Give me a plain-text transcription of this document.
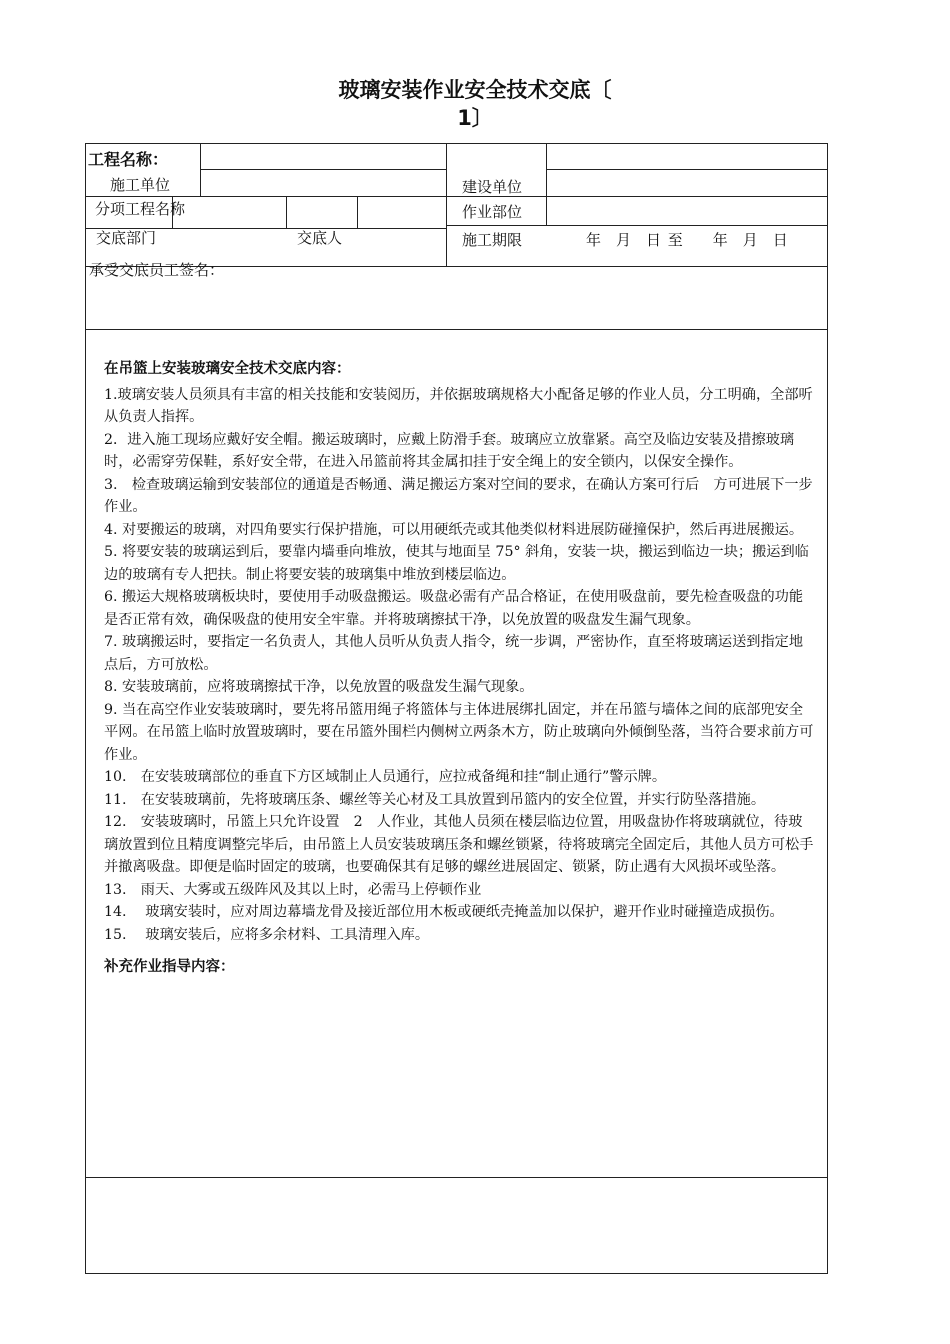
玻璃安装作业安全技术交底〔
1〕
工程名称：
施工单位	建设单位
分项工程名称	作业部位
交底部门	交底人	施工期限	年　月　日 至　　年　月　日
承受交底员工签名：

在吊篮上安装玻璃安全技术交底内容：

1.玻璃安装人员须具有丰富的相关技能和安装阅历，并依据玻璃规格大小配备足够的作业人员，分工明确，全部听从负责人指挥。

2．进入施工现场应戴好安全帽。搬运玻璃时，应戴上防滑手套。玻璃应立放靠紧。高空及临边安装及措擦玻璃时，必需穿劳保鞋，系好安全带，在进入吊篮前将其金属扣挂于安全绳上的安全锁内，以保安全操作。

3.　检查玻璃运输到安装部位的通道是否畅通、满足搬运方案对空间的要求，在确认方案可行后　方可进展下一步作业。

4. 对要搬运的玻璃，对四角要实行保护措施，可以用硬纸壳或其他类似材料进展防碰撞保护，然后再进展搬运。

5. 将要安装的玻璃运到后，要靠内墙垂向堆放，使其与地面呈 75° 斜角，安装一块，搬运到临边一块；搬运到临边的玻璃有专人把扶。制止将要安装的玻璃集中堆放到楼层临边。

6. 搬运大规格玻璃板块时，要使用手动吸盘搬运。吸盘必需有产品合格证，在使用吸盘前，要先检查吸盘的功能是否正常有效，确保吸盘的使用安全牢靠。并将玻璃擦拭干净，以免放置的吸盘发生漏气现象。

7. 玻璃搬运时，要指定一名负责人，其他人员听从负责人指令，统一步调，严密协作，直至将玻璃运送到指定地点后，方可放松。

8. 安装玻璃前，应将玻璃擦拭干净，以免放置的吸盘发生漏气现象。

9. 当在高空作业安装玻璃时，要先将吊篮用绳子将篮体与主体进展绑扎固定，并在吊篮与墙体之间的底部兜安全平网。在吊篮上临时放置玻璃时，要在吊篮外围栏内侧树立两条木方，防止玻璃向外倾倒坠落，当符合要求前方可作业。

10.　在安装玻璃部位的垂直下方区域制止人员通行，应拉戒备绳和挂“制止通行”警示牌。

11.　在安装玻璃前，先将玻璃压条、螺丝等关心材及工具放置到吊篮内的安全位置，并实行防坠落措施。

12.　安装玻璃时，吊篮上只允许设置　2　人作业，其他人员须在楼层临边位置，用吸盘协作将玻璃就位，待玻璃放置到位且精度调整完毕后，由吊篮上人员安装玻璃压条和螺丝锁紧，待将玻璃完全固定后，其他人员方可松手并撤离吸盘。即便是临时固定的玻璃，也要确保其有足够的螺丝进展固定、锁紧，防止遇有大风损坏或坠落。

13.　雨天、大雾或五级阵风及其以上时，必需马上停顿作业

14.　 玻璃安装时，应对周边幕墙龙骨及接近部位用木板或硬纸壳掩盖加以保护，避开作业时碰撞造成损伤。

15.　 玻璃安装后，应将多余材料、工具清理入库。

补充作业指导内容：
